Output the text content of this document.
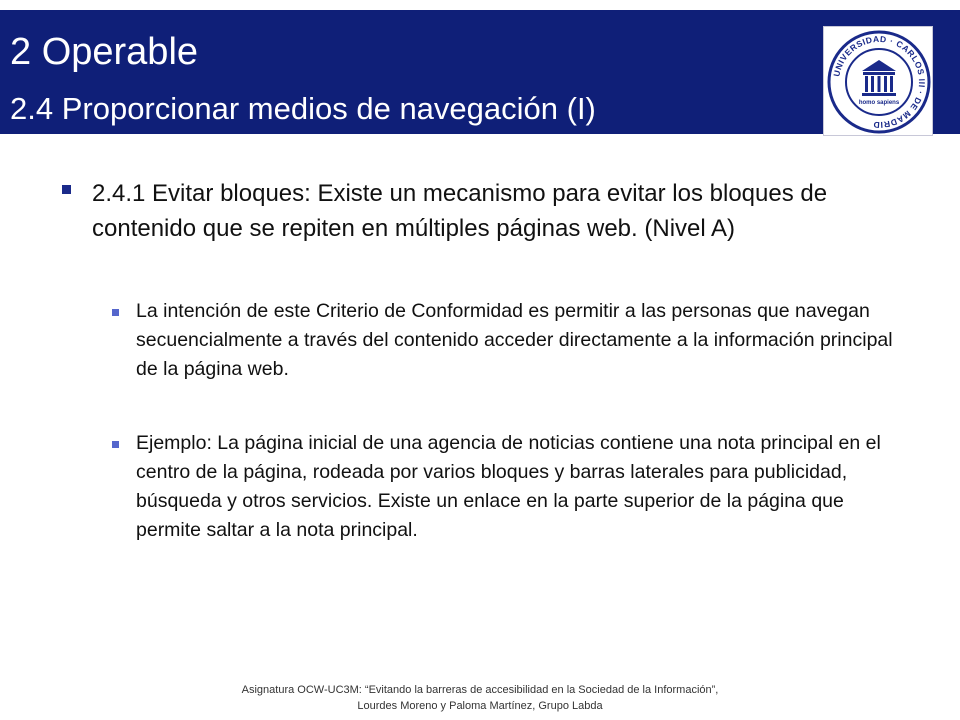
2 Operable
2.4 Proporcionar medios de navegación (I)
UNIVERSIDAD · CARLOS III · DE MADRID
homo sapiens
2.4.1 Evitar bloques: Existe un mecanismo para evitar los bloques de contenido que se repiten en múltiples páginas web. (Nivel A)
La intención de este Criterio de Conformidad es permitir a las personas que navegan secuencialmente a través del contenido acceder directamente a la información principal de la página web.
Ejemplo: La página inicial de una agencia de noticias contiene una nota principal en el centro de la página, rodeada por varios bloques y barras laterales para publicidad, búsqueda y otros servicios. Existe un enlace en la parte superior de la página que permite saltar a la nota principal.
Asignatura OCW-UC3M: “Evitando la barreras de accesibilidad en la Sociedad de la Información”,
Lourdes Moreno y Paloma Martínez, Grupo Labda
